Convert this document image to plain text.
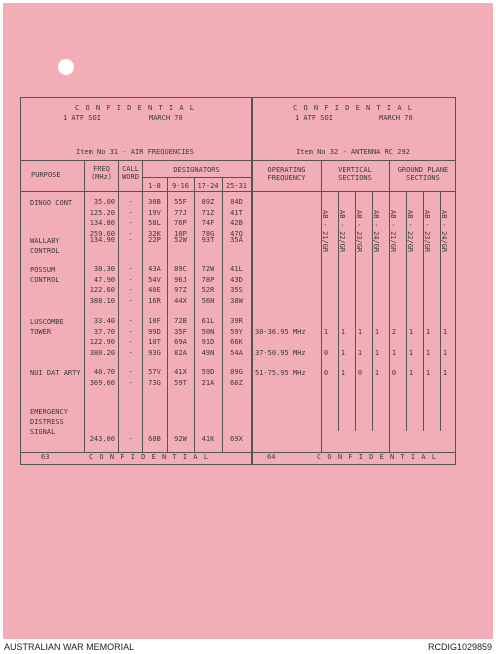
C O N F I D E N T I A L
1 ATF SOI	MARCH 70
Item No 31 - AIR FREQUENCIES
C O N F I D E N T I A L
1 ATF SOI	MARCH 70
Item No 32 - ANTENNA RC 292
PURPOSE
FREQ (MHz)
CALL WORD
DESIGNATORS
1-8	9-16	17-24	25-31
OPERATING FREQUENCY
VERTICAL SECTIONS
GROUND PLANE SECTIONS
DINGO CONT	35.00	-	30B	55F	89Z	84D
125.20	-	19V	77J	71Z	41T
134.80	-	58L	76P	74F	42B
259.60	-	32K	10P	78G	47Q
WALLABY CONTROL
134.90	-	22P	52W	93T	35A
POSSUM CONTROL
30.30	-	43A	89C	72W	41L
47.90	-	54V	96J	78P	43D
122.60	-	40E	97Z	52R	35S
388.10	-	16R	44X	56N	38W
LUSCOMBE TOWER
33.40	-	10F	72B	61L	39R
37.70	-	99D	35F	50N	59Y
122.90	-	10T	69A	91D	66K
380.20	-	93G	82A	49N	54A
NUI DAT ARTY	40.70	-	57V	41X	59D	89G
369.60	-	73G	59T	21A	60Z
EMERGENCY DISTRESS SIGNAL
243.00	-	68B	92W	41K	69X
AB - 21/GR AB - 22/GR AB - 23/GR AB - 24/GR AB - 21/GR AB - 22/GR AB - 23/GR AB - 24/GR
30-36.95 MHz	1 1 1 1 2 1 1 1
37-50.95 MHz	0 1 1 1 1 1 1 1
51-75.95 MHz	0 1 0 1 0 1 1 1
63	C O N F I D E N T I A L	64	C O N F I D E N T I A L
AUSTRALIAN WAR MEMORIAL	RCDIG1029859
